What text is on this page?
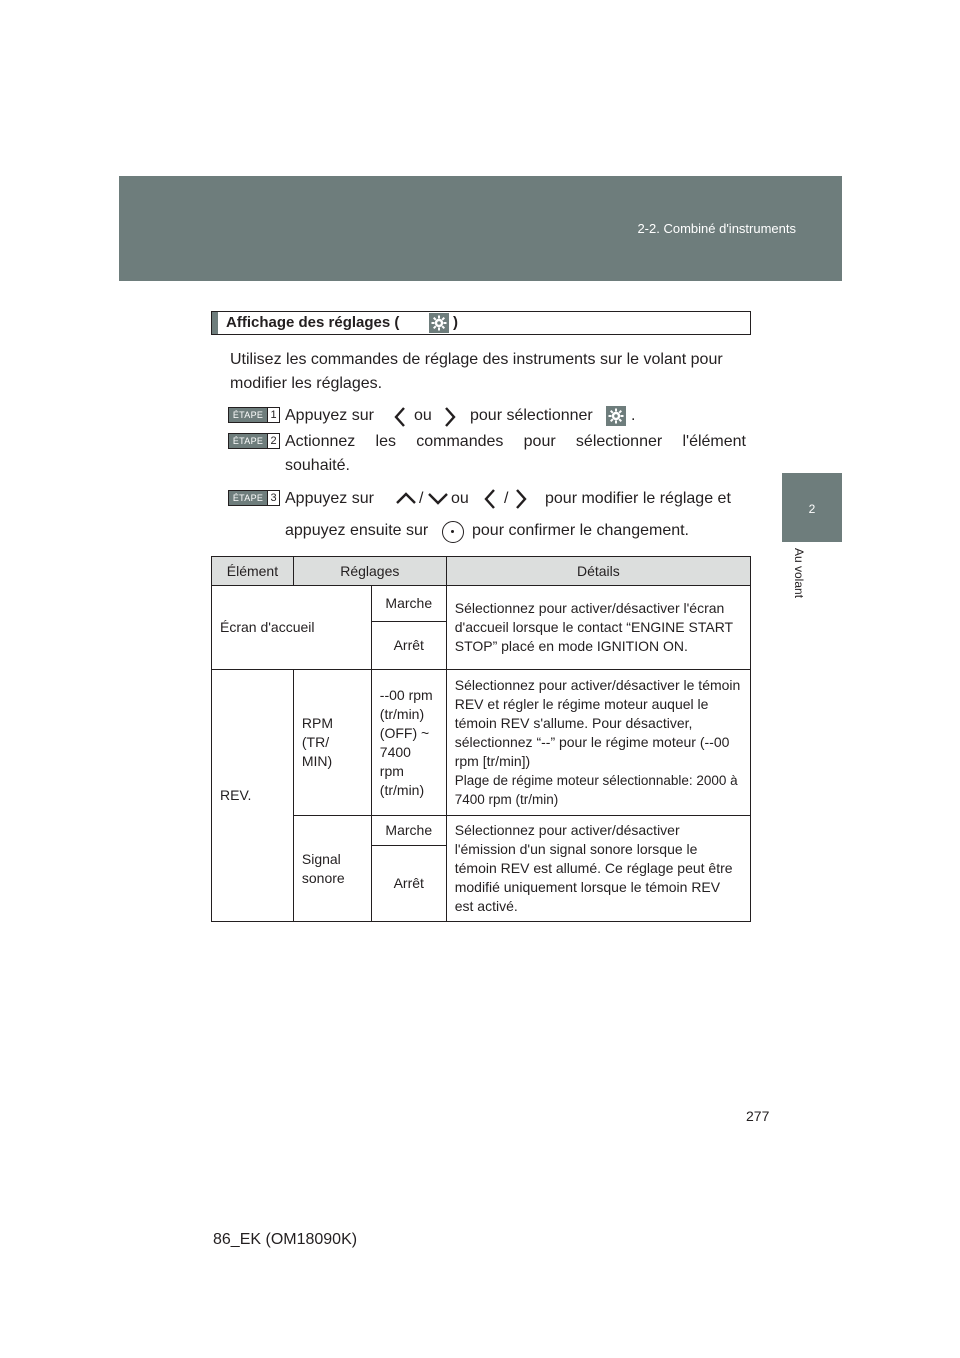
2-2. Combiné d'instruments
2
Au volant
Affichage des réglages (	)

Utilisez les commandes de réglage des instruments sur le volant pour modifier les réglages.

ÉTAPE 1 Appuyez sur	ou pour sélectionner .
ÉTAPE 2 Actionnez les commandes pour sélectionner l'élément
souhaité.
ÉTAPE 3 Appuyez sur	/ ou / pour modifier le réglage et
appuyez ensuite sur	pour confirmer le changement.
Élément	Réglages		Détails
Écran d'accueil		Marche	Sélectionnez pour activer/désactiver l'écran d'accueil lorsque le contact “ENGINE START STOP” placé en mode IGNITION ON.
		Arrêt	
REV.	RPM (TR/ MIN)	--00 rpm (tr/min) (OFF) ~ 7400 rpm (tr/min)	Sélectionnez pour activer/désactiver le témoin REV et régler le régime moteur auquel le témoin REV s'allume. Pour désactiver, sélectionnez “--” pour le régime moteur (--00 rpm [tr/min])
Plage de régime moteur sélectionnable: 2000 à 7400 rpm (tr/min)

	Signal sonore	Marche	Sélectionnez pour activer/désactiver l'émission d'un signal sonore lorsque le témoin REV est allumé. Ce réglage peut être modifié uniquement lorsque le témoin REV est activé.
		Arrêt	
277
86_EK (OM18090K)
